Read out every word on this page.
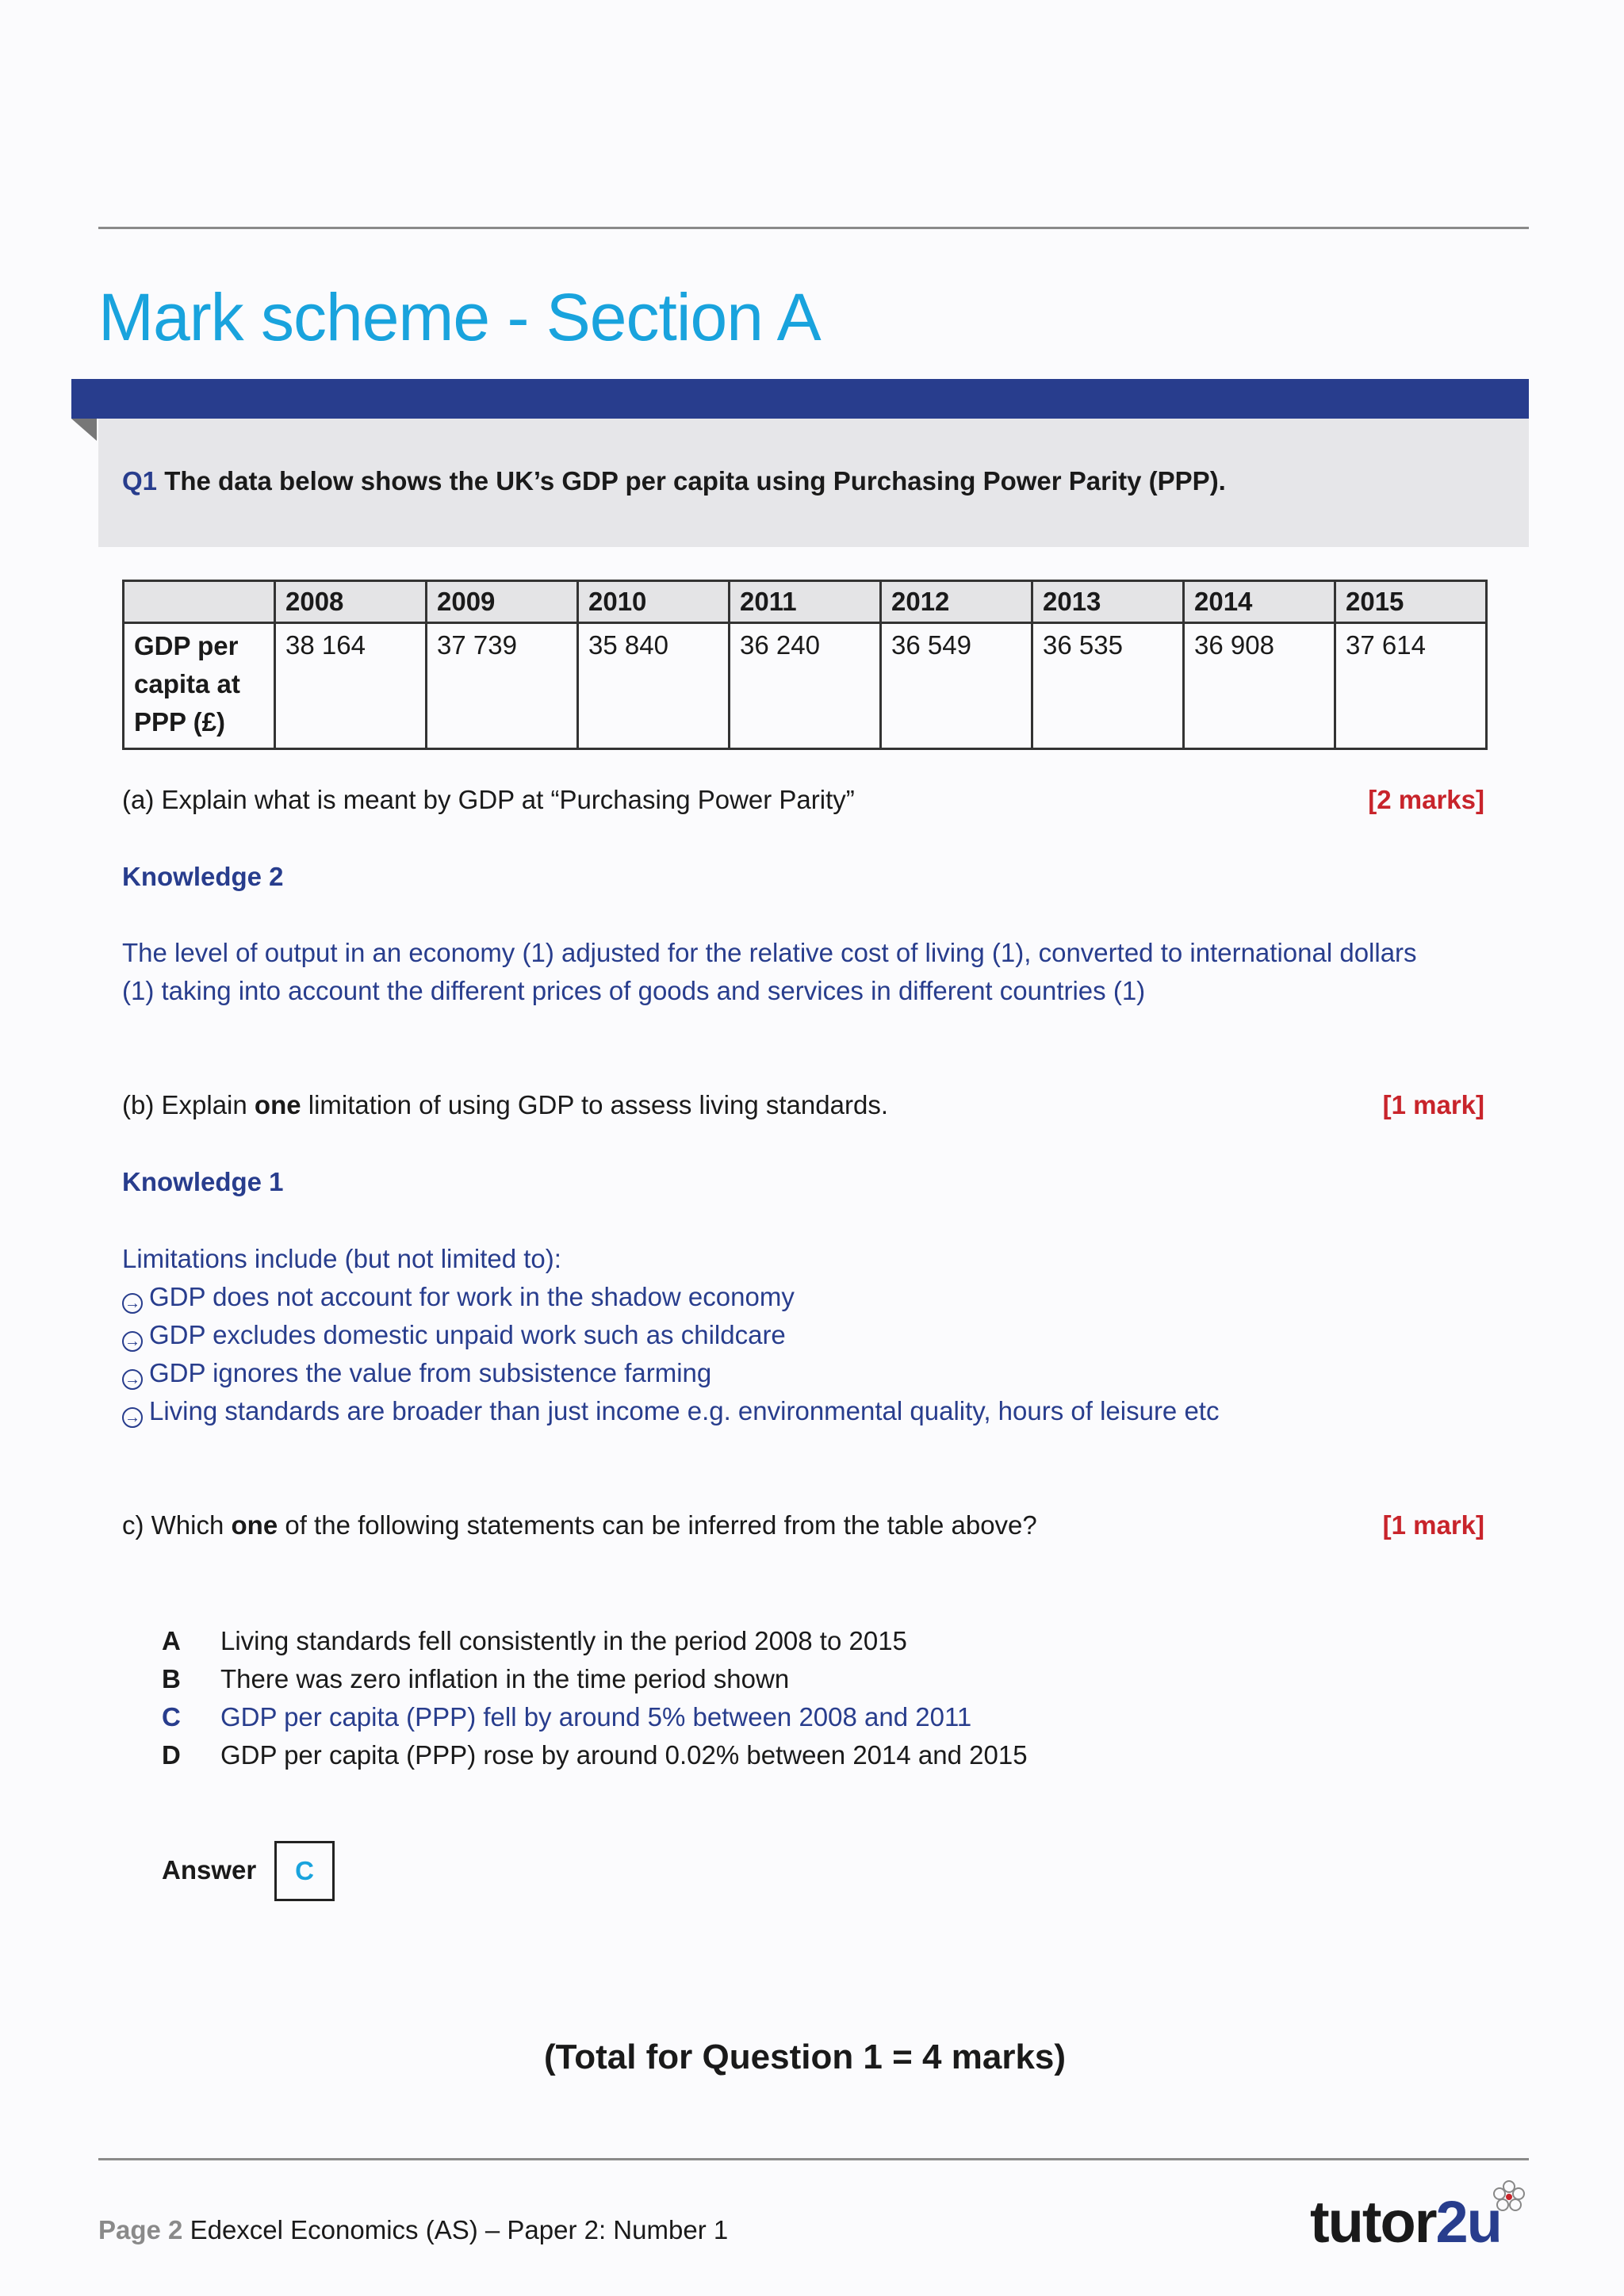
Mark scheme - Section A
Q1 The data below shows the UK’s GDP per capita using Purchasing Power Parity (PPP).
	2008	2009	2010	2011	2012	2013	2014	2015
GDP per capita at PPP (£)	38 164	37 739	35 840	36 240	36 549	36 535	36 908	37 614
(a) Explain what is meant by GDP at “Purchasing Power Parity”	[2 marks]
Knowledge 2
The level of output in an economy (1) adjusted for the relative cost of living (1), converted to international dollars
(1) taking into account the different prices of goods and services in different countries (1)
(b) Explain one limitation of using GDP to assess living standards.	[1 mark]
Knowledge 1
Limitations include (but not limited to):
→ GDP does not account for work in the shadow economy
→ GDP excludes domestic unpaid work such as childcare
→ GDP ignores the value from subsistence farming
→ Living standards are broader than just income e.g. environmental quality, hours of leisure etc
c) Which one of the following statements can be inferred from the table above?	[1 mark]
A	Living standards fell consistently in the period 2008 to 2015
B	There was zero inflation in the time period shown
C	GDP per capita (PPP) fell by around 5% between 2008 and 2011
D	GDP per capita (PPP) rose by around 0.02% between 2014 and 2015
Answer	C
(Total for Question 1 = 4 marks)
Page 2 Edexcel Economics (AS) – Paper 2: Number 1	tutor2u
